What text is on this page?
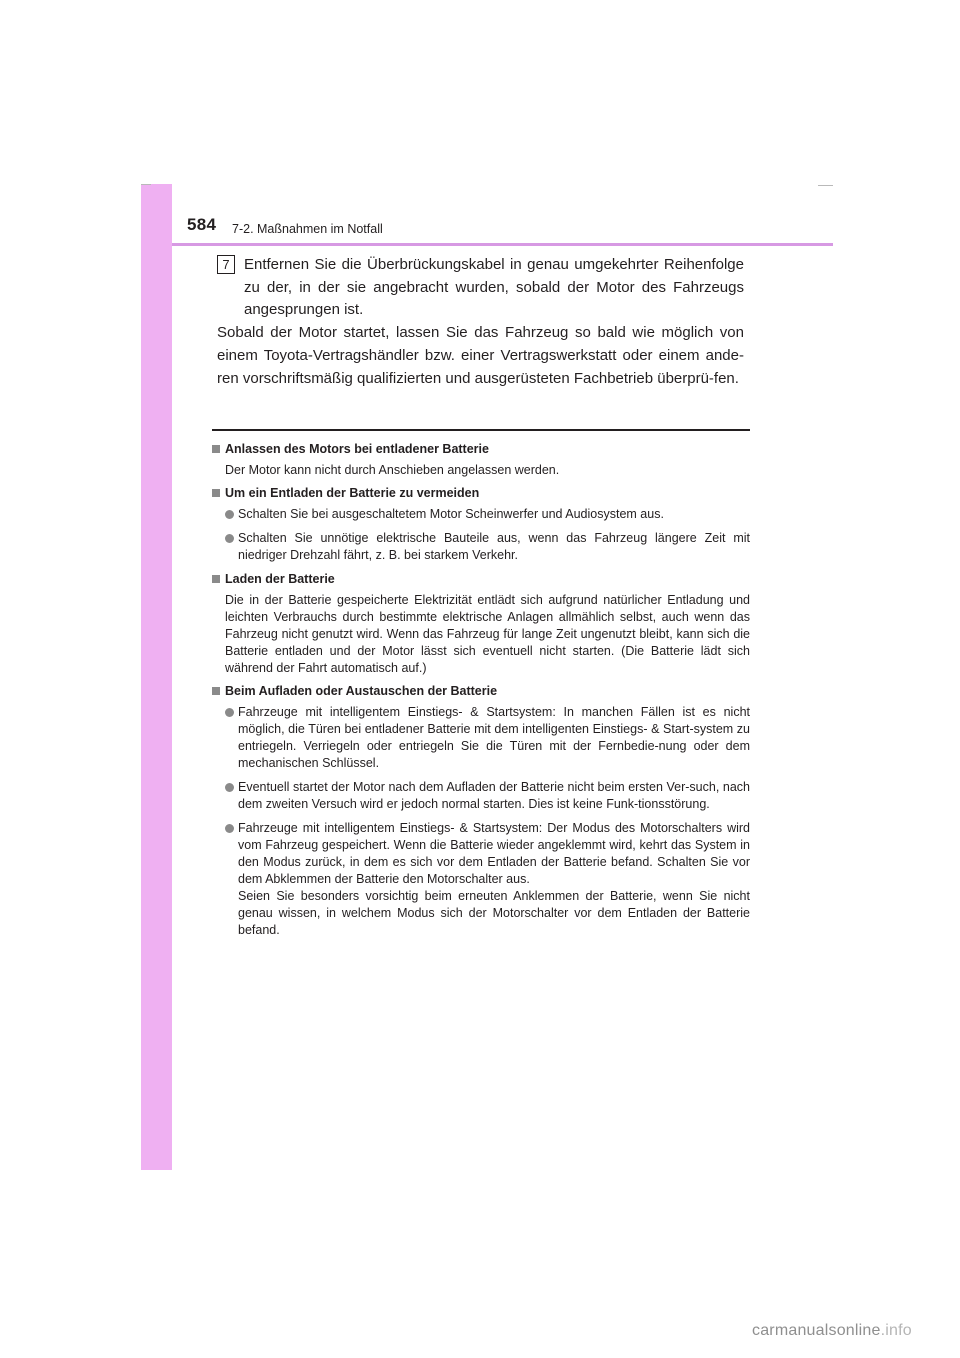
584 7-2. Maßnahmen im Notfall
7 Entfernen Sie die Überbrückungskabel in genau umgekehrter Reihenfolge zu der, in der sie angebracht wurden, sobald der Motor des Fahrzeugs angesprungen ist.
Sobald der Motor startet, lassen Sie das Fahrzeug so bald wie möglich von einem Toyota-Vertragshändler bzw. einer Vertragswerkstatt oder einem ande-ren vorschriftsmäßig qualifizierten und ausgerüsteten Fachbetrieb überprü-fen.
Anlassen des Motors bei entladener Batterie
Der Motor kann nicht durch Anschieben angelassen werden.
Um ein Entladen der Batterie zu vermeiden
Schalten Sie bei ausgeschaltetem Motor Scheinwerfer und Audiosystem aus.
Schalten Sie unnötige elektrische Bauteile aus, wenn das Fahrzeug längere Zeit mit niedriger Drehzahl fährt, z. B. bei starkem Verkehr.
Laden der Batterie
Die in der Batterie gespeicherte Elektrizität entlädt sich aufgrund natürlicher Entladung und leichten Verbrauchs durch bestimmte elektrische Anlagen allmählich selbst, auch wenn das Fahrzeug nicht genutzt wird. Wenn das Fahrzeug für lange Zeit ungenutzt bleibt, kann sich die Batterie entladen und der Motor lässt sich eventuell nicht starten. (Die Batterie lädt sich während der Fahrt automatisch auf.)
Beim Aufladen oder Austauschen der Batterie
Fahrzeuge mit intelligentem Einstiegs- & Startsystem: In manchen Fällen ist es nicht möglich, die Türen bei entladener Batterie mit dem intelligenten Einstiegs- & Start-system zu entriegeln. Verriegeln oder entriegeln Sie die Türen mit der Fernbedie-nung oder dem mechanischen Schlüssel.
Eventuell startet der Motor nach dem Aufladen der Batterie nicht beim ersten Ver-such, nach dem zweiten Versuch wird er jedoch normal starten. Dies ist keine Funk-tionsstörung.
Fahrzeuge mit intelligentem Einstiegs- & Startsystem: Der Modus des Motorschalters wird vom Fahrzeug gespeichert. Wenn die Batterie wieder angeklemmt wird, kehrt das System in den Modus zurück, in dem es sich vor dem Entladen der Batterie befand. Schalten Sie vor dem Abklemmen der Batterie den Motorschalter aus.
Seien Sie besonders vorsichtig beim erneuten Anklemmen der Batterie, wenn Sie nicht genau wissen, in welchem Modus sich der Motorschalter vor dem Entladen der Batterie befand.
carmanualsonline.info
